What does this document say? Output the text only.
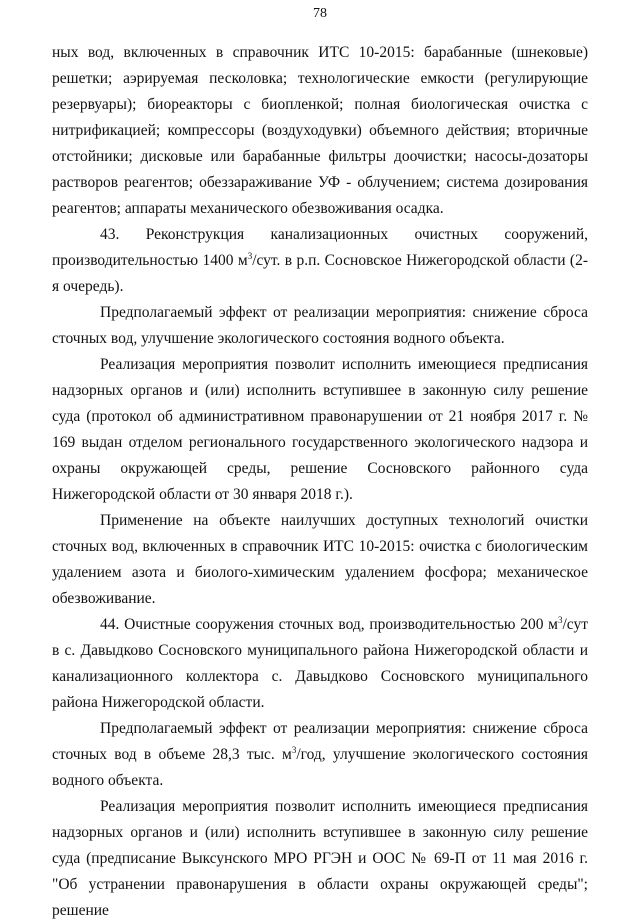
78

ных вод, включенных в справочник ИТС 10-2015: барабанные (шнековые) решетки; аэрируемая песколовка; технологические емкости (регулирующие резервуары); биореакторы с биопленкой; полная биологическая очистка с нитрификацией; компрессоры (воздуходувки) объемного действия; вторичные отстойники; дисковые или барабанные фильтры доочистки; насосы-дозаторы растворов реагентов; обеззараживание УФ - облучением; система дозирования реагентов; аппараты механического обезвоживания осадка.

43. Реконструкция канализационных очистных сооружений, производительностью 1400 $м^3$/сут. в р.п. Сосновское Нижегородской области (2-я очередь).

Предполагаемый эффект от реализации мероприятия: снижение сброса сточных вод, улучшение экологического состояния водного объекта.

Реализация мероприятия позволит исполнить имеющиеся предписания надзорных органов и (или) исполнить вступившее в законную силу решение суда (протокол об административном правонарушении от 21 ноября 2017 г. № 169 выдан отделом регионального государственного экологического надзора и охраны окружающей среды, решение Сосновского районного суда Нижегородской области от 30 января 2018 г.).

Применение на объекте наилучших доступных технологий очистки сточных вод, включенных в справочник ИТС 10-2015: очистка с биологическим удалением азота и биолого-химическим удалением фосфора; механическое обезвоживание.

44. Очистные сооружения сточных вод, производительностью 200 $м^3$/сут в с. Давыдково Сосновского муниципального района Нижегородской области и канализационного коллектора с. Давыдково Сосновского муниципального района Нижегородской области.

Предполагаемый эффект от реализации мероприятия: снижение сброса сточных вод в объеме 28,3 тыс. $м^3$/год, улучшение экологического состояния водного объекта.

Реализация мероприятия позволит исполнить имеющиеся предписания надзорных органов и (или) исполнить вступившее в законную силу решение суда (предписание Выксунского МРО РГЭН и ООС № 69-П от 11 мая 2016 г. "Об устранении правонарушения в области охраны окружающей среды"; решение
